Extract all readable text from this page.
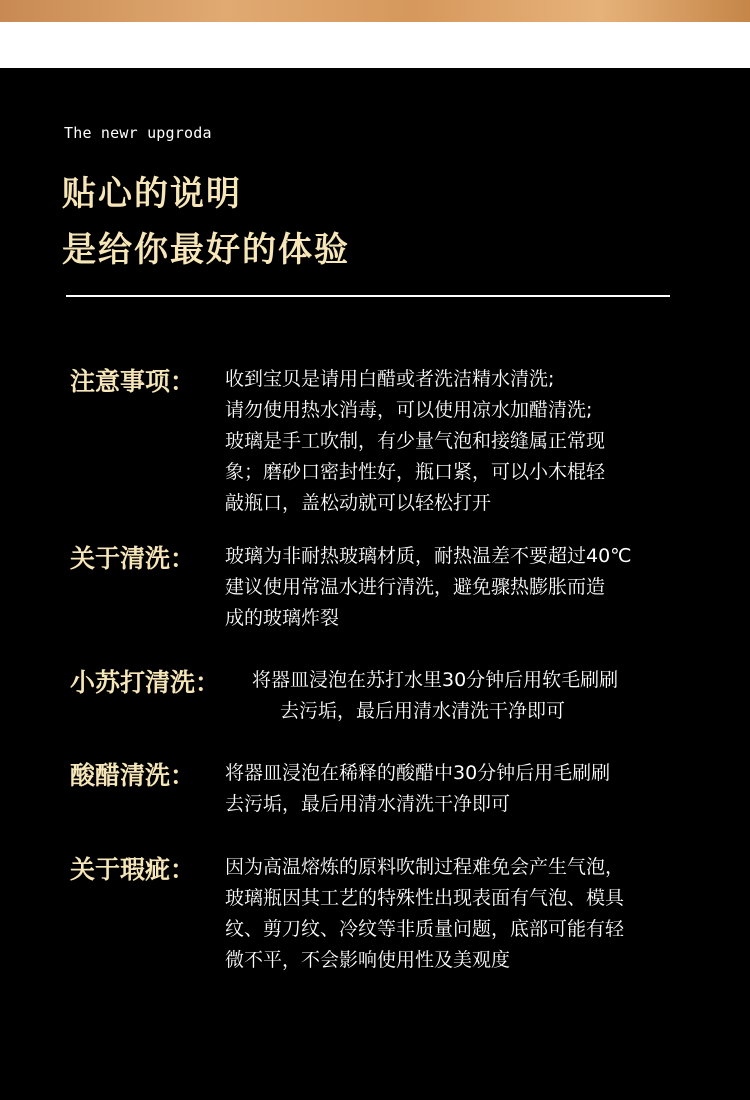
The newr upgroda
贴心的说明
是给你最好的体验
注意事项： 收到宝贝是请用白醋或者洗洁精水清洗;
请勿使用热水消毒，可以使用凉水加醋清洗;
玻璃是手工吹制，有少量气泡和接缝属正常现
象；磨砂口密封性好，瓶口紧，可以小木棍轻
敲瓶口，盖松动就可以轻松打开
关于清洗： 玻璃为非耐热玻璃材质，耐热温差不要超过40℃
建议使用常温水进行清洗，避免骤热膨胀而造
成的玻璃炸裂
小苏打清洗： 将器皿浸泡在苏打水里30分钟后用软毛刷刷
去污垢，最后用清水清洗干净即可
酸醋清洗： 将器皿浸泡在稀释的酸醋中30分钟后用毛刷刷
去污垢，最后用清水清洗干净即可
关于瑕疵： 因为高温熔炼的原料吹制过程难免会产生气泡，
玻璃瓶因其工艺的特殊性出现表面有气泡、模具
纹、剪刀纹、冷纹等非质量问题，底部可能有轻
微不平，不会影响使用性及美观度
